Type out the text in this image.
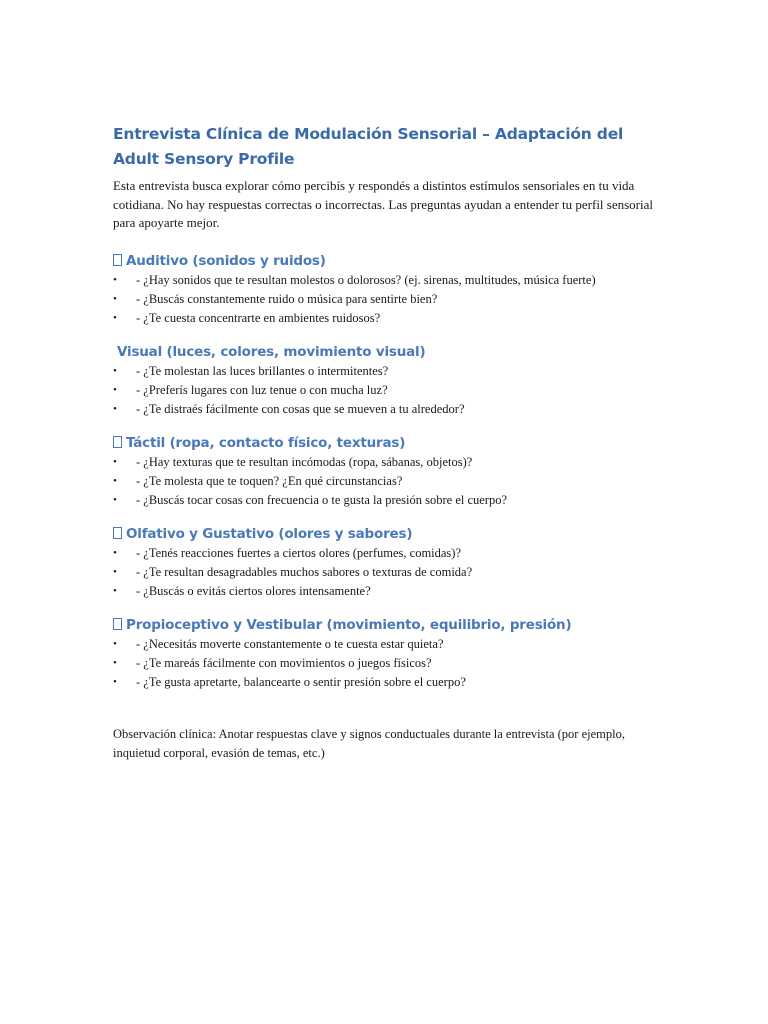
Entrevista Clínica de Modulación Sensorial – Adaptación del Adult Sensory Profile

Esta entrevista busca explorar cómo percibís y respondés a distintos estímulos sensoriales en tu vida cotidiana. No hay respuestas correctas o incorrectas. Las preguntas ayudan a entender tu perfil sensorial para apoyarte mejor.

Auditivo (sonidos y ruidos)
• - ¿Hay sonidos que te resultan molestos o dolorosos? (ej. sirenas, multitudes, música fuerte)
• - ¿Buscás constantemente ruido o música para sentirte bien?
• - ¿Te cuesta concentrarte en ambientes ruidosos?
Visual (luces, colores, movimiento visual)
• - ¿Te molestan las luces brillantes o intermitentes?
• - ¿Preferís lugares con luz tenue o con mucha luz?
• - ¿Te distraés fácilmente con cosas que se mueven a tu alrededor?
Táctil (ropa, contacto físico, texturas)
• - ¿Hay texturas que te resultan incómodas (ropa, sábanas, objetos)?
• - ¿Te molesta que te toquen? ¿En qué circunstancias?
• - ¿Buscás tocar cosas con frecuencia o te gusta la presión sobre el cuerpo?
Olfativo y Gustativo (olores y sabores)
• - ¿Tenés reacciones fuertes a ciertos olores (perfumes, comidas)?
• - ¿Te resultan desagradables muchos sabores o texturas de comida?
• - ¿Buscás o evitás ciertos olores intensamente?
Propioceptivo y Vestibular (movimiento, equilibrio, presión)
• - ¿Necesitás moverte constantemente o te cuesta estar quieta?
• - ¿Te mareás fácilmente con movimientos o juegos físicos?
• - ¿Te gusta apretarte, balancearte o sentir presión sobre el cuerpo?

Observación clínica: Anotar respuestas clave y signos conductuales durante la entrevista (por ejemplo, inquietud corporal, evasión de temas, etc.)
